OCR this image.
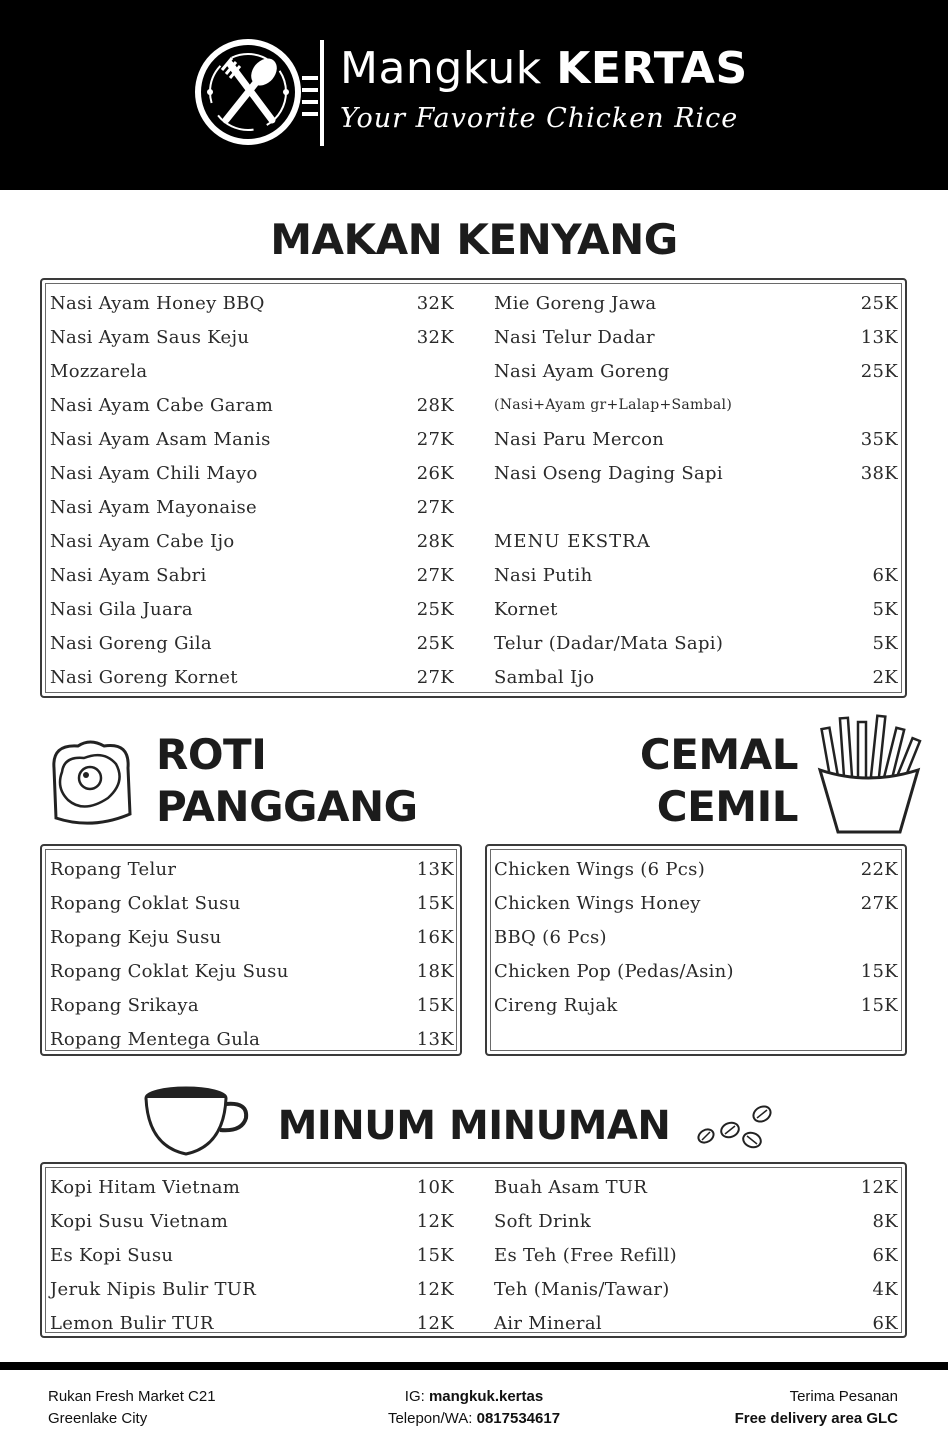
Mangkuk KERTAS
Your Favorite Chicken Rice
MAKAN KENYANG
Nasi Ayam Honey BBQ	32K
Nasi Ayam Saus Keju	32K
Mozzarela
Nasi Ayam Cabe Garam	28K
Nasi Ayam Asam Manis	27K
Nasi Ayam Chili Mayo	26K
Nasi Ayam Mayonaise	27K
Nasi Ayam Cabe Ijo	28K
Nasi Ayam Sabri	27K
Nasi Gila Juara	25K
Nasi Goreng Gila	25K
Nasi Goreng Kornet	27K
Mie Goreng Jawa	25K
Nasi Telur Dadar	13K
Nasi Ayam Goreng	25K
(Nasi+Ayam gr+Lalap+Sambal)
Nasi Paru Mercon	35K
Nasi Oseng Daging Sapi	38K
MENU EKSTRA
Nasi Putih	6K
Kornet	5K
Telur (Dadar/Mata Sapi)	5K
Sambal Ijo	2K
ROTI
PANGGANG
CEMAL
CEMIL
Ropang Telur	13K
Ropang Coklat Susu	15K
Ropang Keju Susu	16K
Ropang Coklat Keju Susu	18K
Ropang Srikaya	15K
Ropang Mentega Gula	13K
Chicken Wings (6 Pcs)	22K
Chicken Wings Honey	27K
BBQ (6 Pcs)
Chicken Pop (Pedas/Asin)	15K
Cireng Rujak	15K
MINUM MINUMAN
Kopi Hitam Vietnam	10K
Kopi Susu Vietnam	12K
Es Kopi Susu	15K
Jeruk Nipis Bulir TUR	12K
Lemon Bulir TUR	12K
Buah Asam TUR	12K
Soft Drink	8K
Es Teh (Free Refill)	6K
Teh (Manis/Tawar)	4K
Air Mineral	6K
Rukan Fresh Market C21
Greenlake City
IG: mangkuk.kertas
Telepon/WA: 0817534617
Terima Pesanan
Free delivery area GLC
